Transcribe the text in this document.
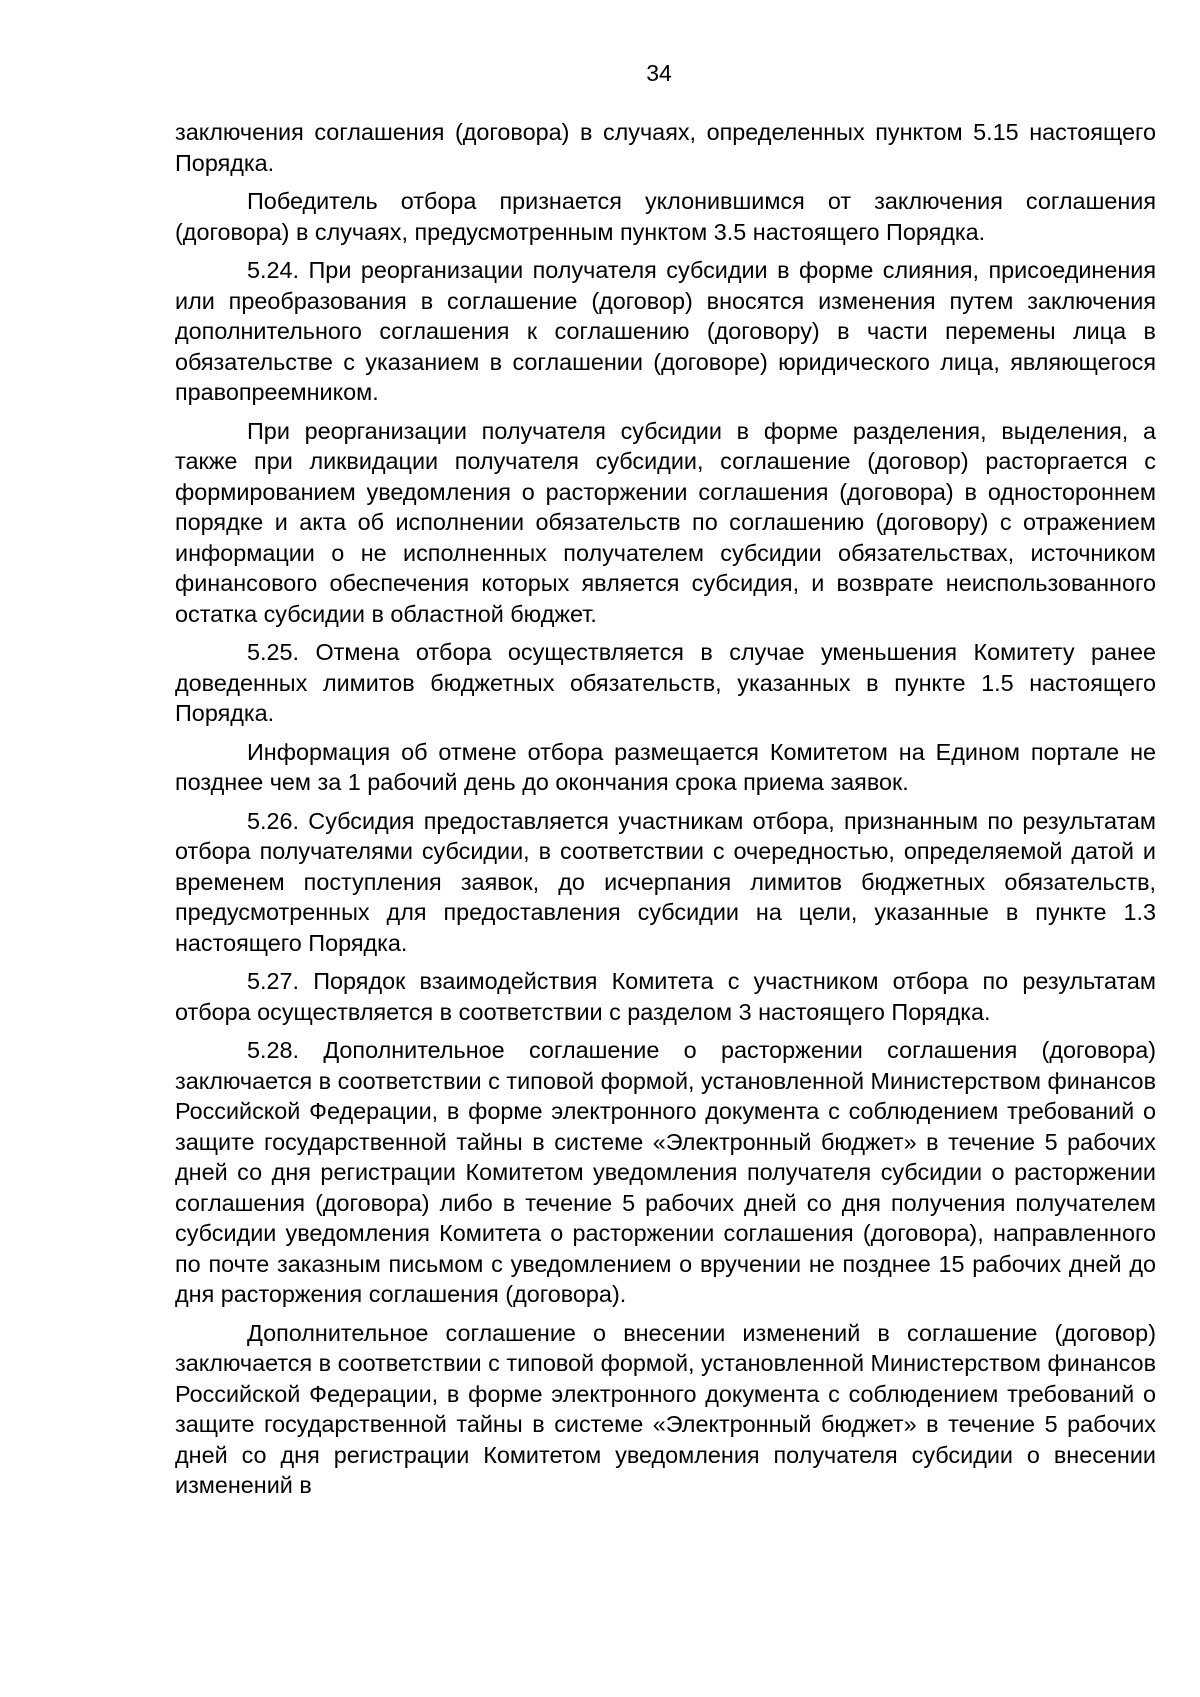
34

заключения соглашения (договора) в случаях, определенных пунктом 5.15 настоящего Порядка.

Победитель отбора признается уклонившимся от заключения соглашения (договора) в случаях, предусмотренным пунктом 3.5 настоящего Порядка.

5.24. При реорганизации получателя субсидии в форме слияния, присоединения или преобразования в соглашение (договор) вносятся изменения путем заключения дополнительного соглашения к соглашению (договору) в части перемены лица в обязательстве с указанием в соглашении (договоре) юридического лица, являющегося правопреемником.

При реорганизации получателя субсидии в форме разделения, выделения, а также при ликвидации получателя субсидии, соглашение (договор) расторгается с формированием уведомления о расторжении соглашения (договора) в одностороннем порядке и акта об исполнении обязательств по соглашению (договору) с отражением информации о не исполненных получателем субсидии обязательствах, источником финансового обеспечения которых является субсидия, и возврате неиспользованного остатка субсидии в областной бюджет.

5.25. Отмена отбора осуществляется в случае уменьшения Комитету ранее доведенных лимитов бюджетных обязательств, указанных в пункте 1.5 настоящего Порядка.

Информация об отмене отбора размещается Комитетом на Едином портале не позднее чем за 1 рабочий день до окончания срока приема заявок.

5.26. Субсидия предоставляется участникам отбора, признанным по результатам отбора получателями субсидии, в соответствии с очередностью, определяемой датой и временем поступления заявок, до исчерпания лимитов бюджетных обязательств, предусмотренных для предоставления субсидии на цели, указанные в пункте 1.3 настоящего Порядка.

5.27. Порядок взаимодействия Комитета с участником отбора по результатам отбора осуществляется в соответствии с разделом 3 настоящего Порядка.

5.28. Дополнительное соглашение о расторжении соглашения (договора) заключается в соответствии с типовой формой, установленной Министерством финансов Российской Федерации, в форме электронного документа с соблюдением требований о защите государственной тайны в системе «Электронный бюджет» в течение 5 рабочих дней со дня регистрации Комитетом уведомления получателя субсидии о расторжении соглашения (договора) либо в течение 5 рабочих дней со дня получения получателем субсидии уведомления Комитета о расторжении соглашения (договора), направленного по почте заказным письмом с уведомлением о вручении не позднее 15 рабочих дней до дня расторжения соглашения (договора).

Дополнительное соглашение о внесении изменений в соглашение (договор) заключается в соответствии с типовой формой, установленной Министерством финансов Российской Федерации, в форме электронного документа с соблюдением требований о защите государственной тайны в системе «Электронный бюджет» в течение 5 рабочих дней со дня регистрации Комитетом уведомления получателя субсидии о внесении изменений в
